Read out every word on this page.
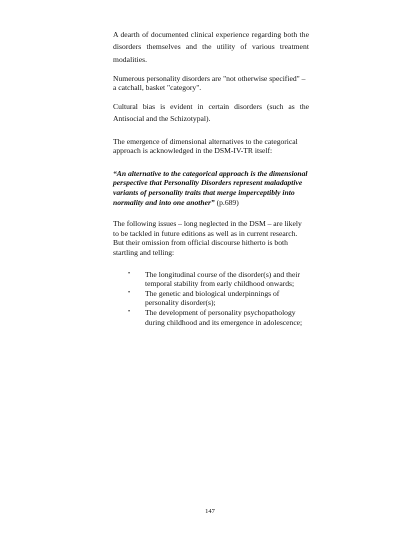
A dearth of documented clinical experience regarding both the disorders themselves and the utility of various treatment modalities.

Numerous personality disorders are "not otherwise specified" – a catchall, basket "category".

Cultural bias is evident in certain disorders (such as the Antisocial and the Schizotypal).

The emergence of dimensional alternatives to the categorical approach is acknowledged in the DSM-IV-TR itself:

“An alternative to the categorical approach is the dimensional perspective that Personality Disorders represent maladaptive variants of personality traits that merge imperceptibly into normality and into one another” (p.689)

The following issues – long neglected in the DSM – are likely to be tackled in future editions as well as in current research. But their omission from official discourse hitherto is both startling and telling:

• The longitudinal course of the disorder(s) and their temporal stability from early childhood onwards;
• The genetic and biological underpinnings of personality disorder(s);
• The development of personality psychopathology during childhood and its emergence in adolescence;
147
